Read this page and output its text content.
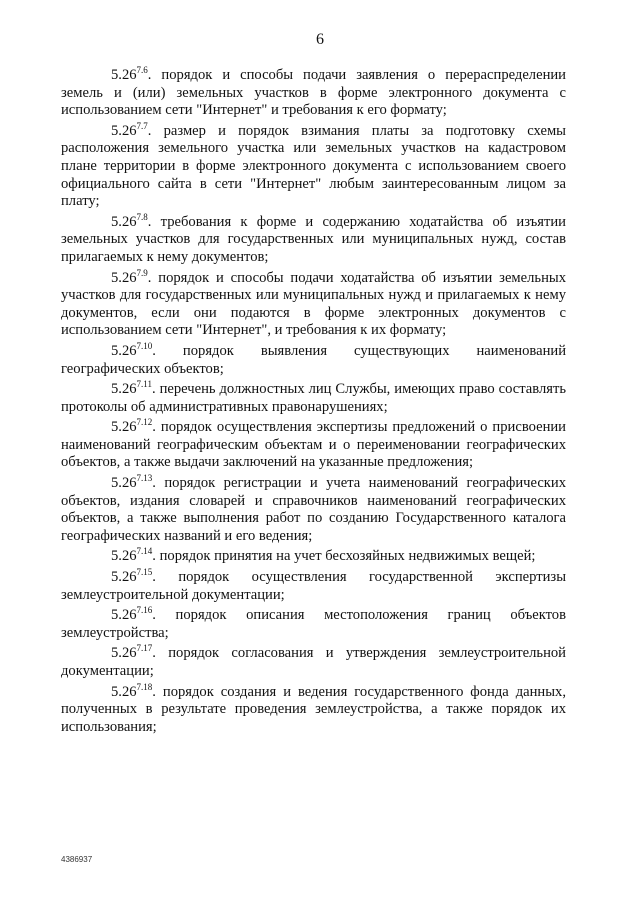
6

$5.26^{7.6}$. порядок и способы подачи заявления о перераспределении земель и (или) земельных участков в форме электронного документа с использованием сети "Интернет" и требования к его формату;

$5.26^{7.7}$. размер и порядок взимания платы за подготовку схемы расположения земельного участка или земельных участков на кадастровом плане территории в форме электронного документа с использованием своего официального сайта в сети "Интернет" любым заинтересованным лицом за плату;

$5.26^{7.8}$. требования к форме и содержанию ходатайства об изъятии земельных участков для государственных или муниципальных нужд, состав прилагаемых к нему документов;

$5.26^{7.9}$. порядок и способы подачи ходатайства об изъятии земельных участков для государственных или муниципальных нужд и прилагаемых к нему документов, если они подаются в форме электронных документов с использованием сети "Интернет", и требования к их формату;

$5.26^{7.10}$. порядок выявления существующих наименований географических объектов;

$5.26^{7.11}$. перечень должностных лиц Службы, имеющих право составлять протоколы об административных правонарушениях;

$5.26^{7.12}$. порядок осуществления экспертизы предложений о присвоении наименований географическим объектам и о переименовании географических объектов, а также выдачи заключений на указанные предложения;

$5.26^{7.13}$. порядок регистрации и учета наименований географических объектов, издания словарей и справочников наименований географических объектов, а также выполнения работ по созданию Государственного каталога географических названий и его ведения;

$5.26^{7.14}$. порядок принятия на учет бесхозяйных недвижимых вещей;

$5.26^{7.15}$. порядок осуществления государственной экспертизы землеустроительной документации;

$5.26^{7.16}$. порядок описания местоположения границ объектов землеустройства;

$5.26^{7.17}$. порядок согласования и утверждения землеустроительной документации;

$5.26^{7.18}$. порядок создания и ведения государственного фонда данных, полученных в результате проведения землеустройства, а также порядок их использования;

4386937
